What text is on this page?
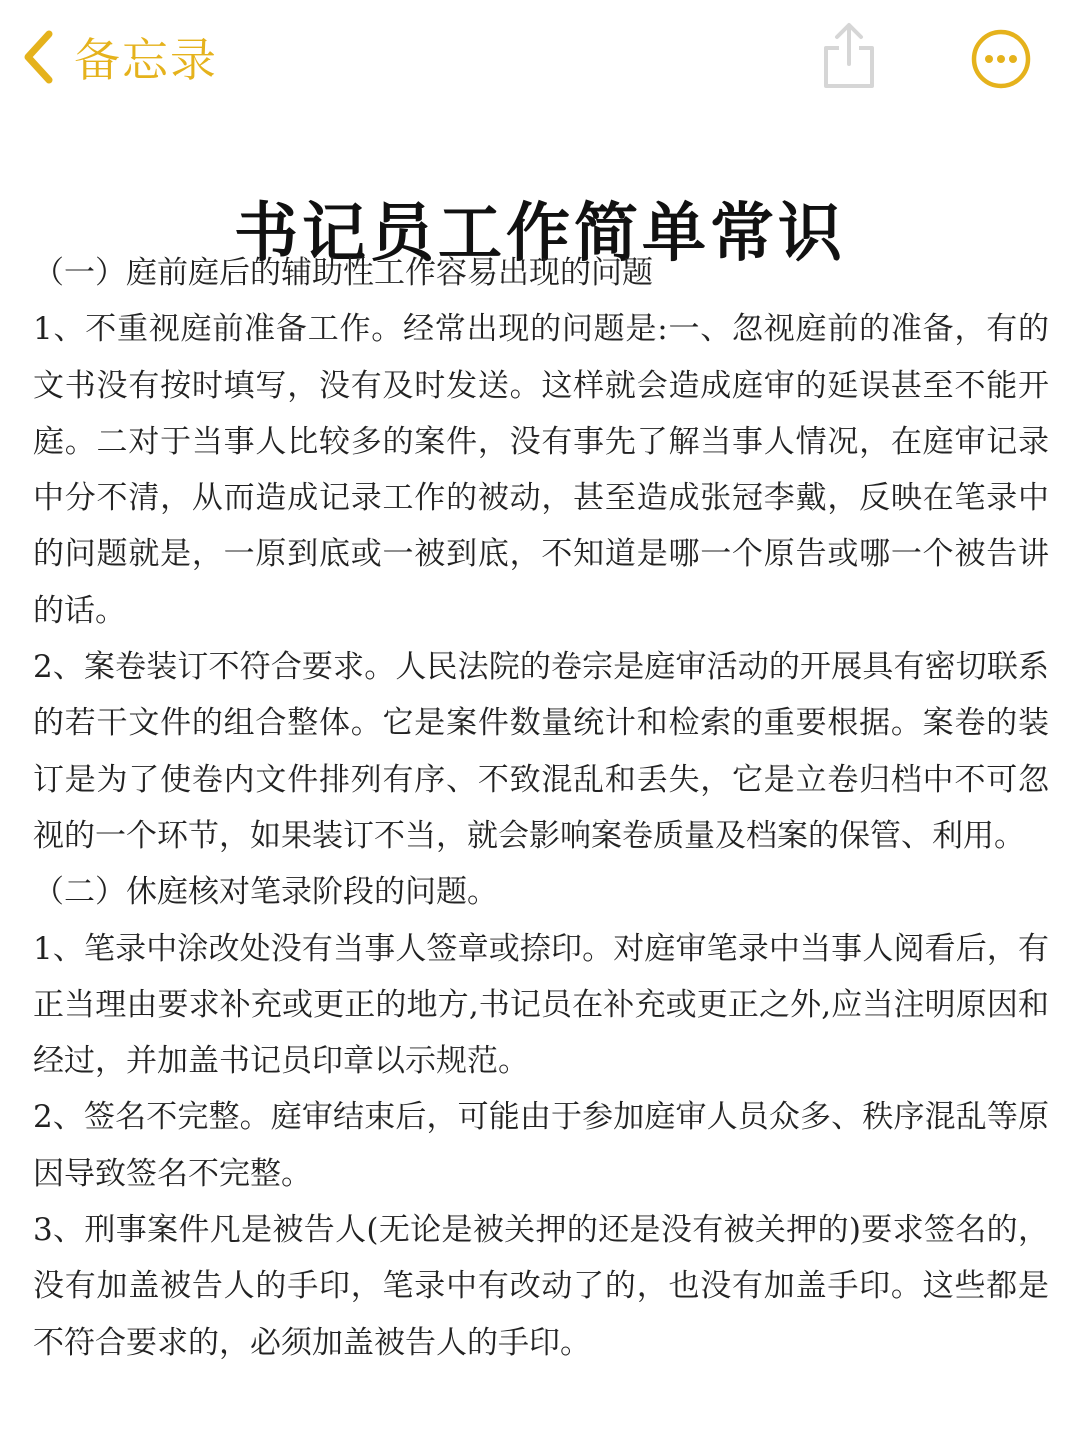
备忘录
书记员工作简单常识

（一）庭前庭后的辅助性工作容易出现的问题

1、不重视庭前准备工作。经常出现的问题是:一、忽视庭前的准备，有的文书没有按时填写，没有及时发送。这样就会造成庭审的延误甚至不能开庭。二对于当事人比较多的案件，没有事先了解当事人情况，在庭审记录中分不清，从而造成记录工作的被动，甚至造成张冠李戴，反映在笔录中的问题就是，一原到底或一被到底，不知道是哪一个原告或哪一个被告讲的话。

2、案卷装订不符合要求。人民法院的卷宗是庭审活动的开展具有密切联系的若干文件的组合整体。它是案件数量统计和检索的重要根据。案卷的装订是为了使卷内文件排列有序、不致混乱和丢失，它是立卷归档中不可忽视的一个环节，如果装订不当，就会影响案卷质量及档案的保管、利用。

（二）休庭核对笔录阶段的问题。

1、笔录中涂改处没有当事人签章或捺印。对庭审笔录中当事人阅看后，有正当理由要求补充或更正的地方,书记员在补充或更正之外,应当注明原因和经过，并加盖书记员印章以示规范。

2、签名不完整。庭审结束后，可能由于参加庭审人员众多、秩序混乱等原因导致签名不完整。

3、刑事案件凡是被告人(无论是被关押的还是没有被关押的)要求签名的，没有加盖被告人的手印，笔录中有改动了的，也没有加盖手印。这些都是不符合要求的，必须加盖被告人的手印。
